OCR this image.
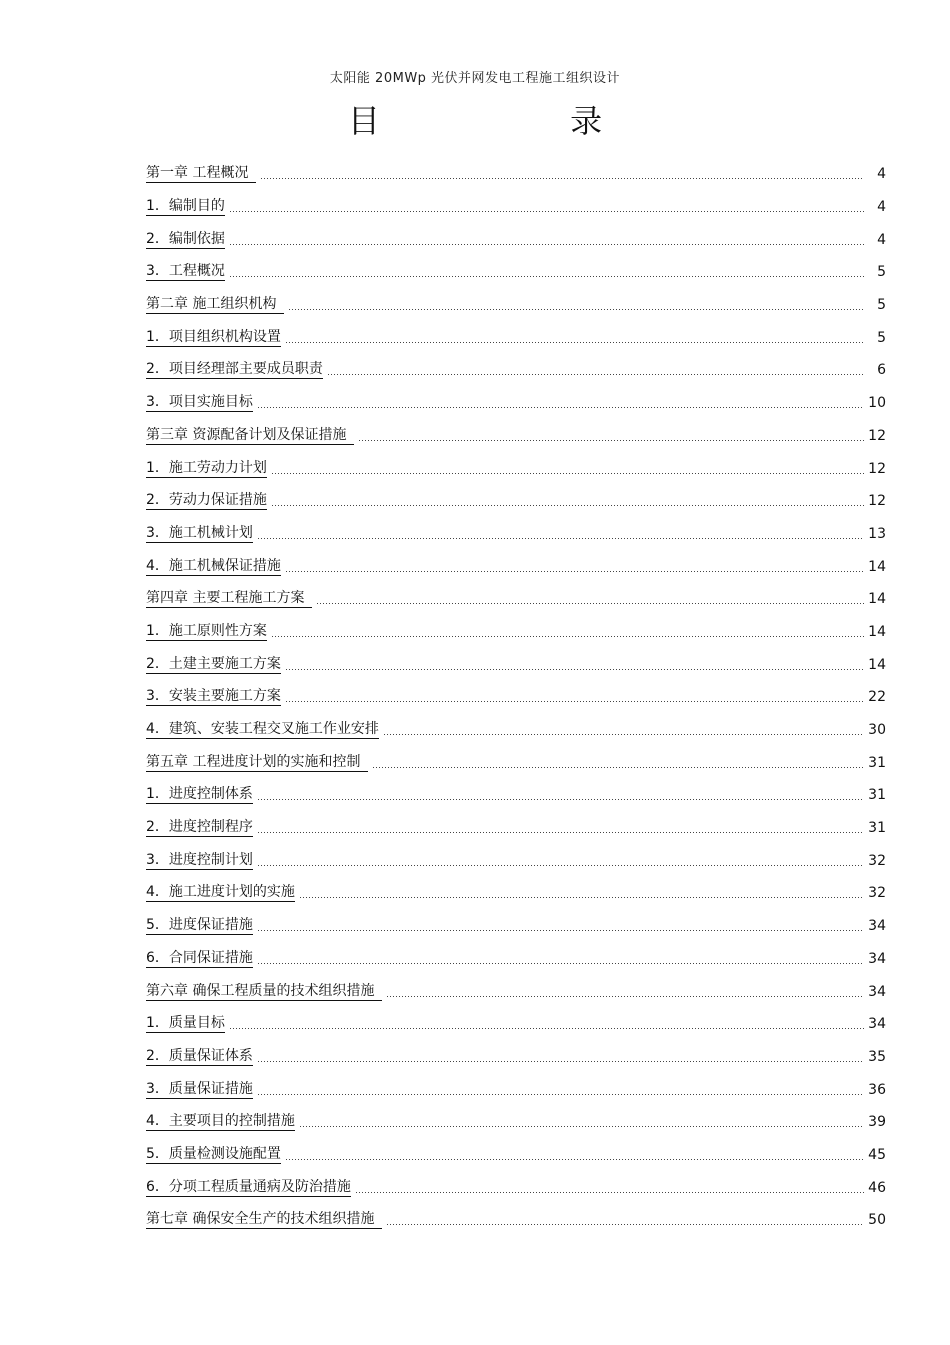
太阳能 20MWp 光伏并网发电工程施工组织设计
目 录
第一章 工程概况	4
1．编制目的	4
2．编制依据	4
3．工程概况	5
第二章 施工组织机构	5
1．项目组织机构设置	5
2．项目经理部主要成员职责	6
3．项目实施目标	10
第三章 资源配备计划及保证措施	12
1．施工劳动力计划	12
2．劳动力保证措施	12
3．施工机械计划	13
4．施工机械保证措施	14
第四章 主要工程施工方案	14
1．施工原则性方案	14
2．土建主要施工方案	14
3．安装主要施工方案	22
4．建筑、安装工程交叉施工作业安排	30
第五章 工程进度计划的实施和控制	31
1．进度控制体系	31
2．进度控制程序	31
3．进度控制计划	32
4．施工进度计划的实施	32
5．进度保证措施	34
6．合同保证措施	34
第六章 确保工程质量的技术组织措施	34
1．质量目标	34
2．质量保证体系	35
3．质量保证措施	36
4．主要项目的控制措施	39
5．质量检测设施配置	45
6．分项工程质量通病及防治措施	46
第七章 确保安全生产的技术组织措施	50
